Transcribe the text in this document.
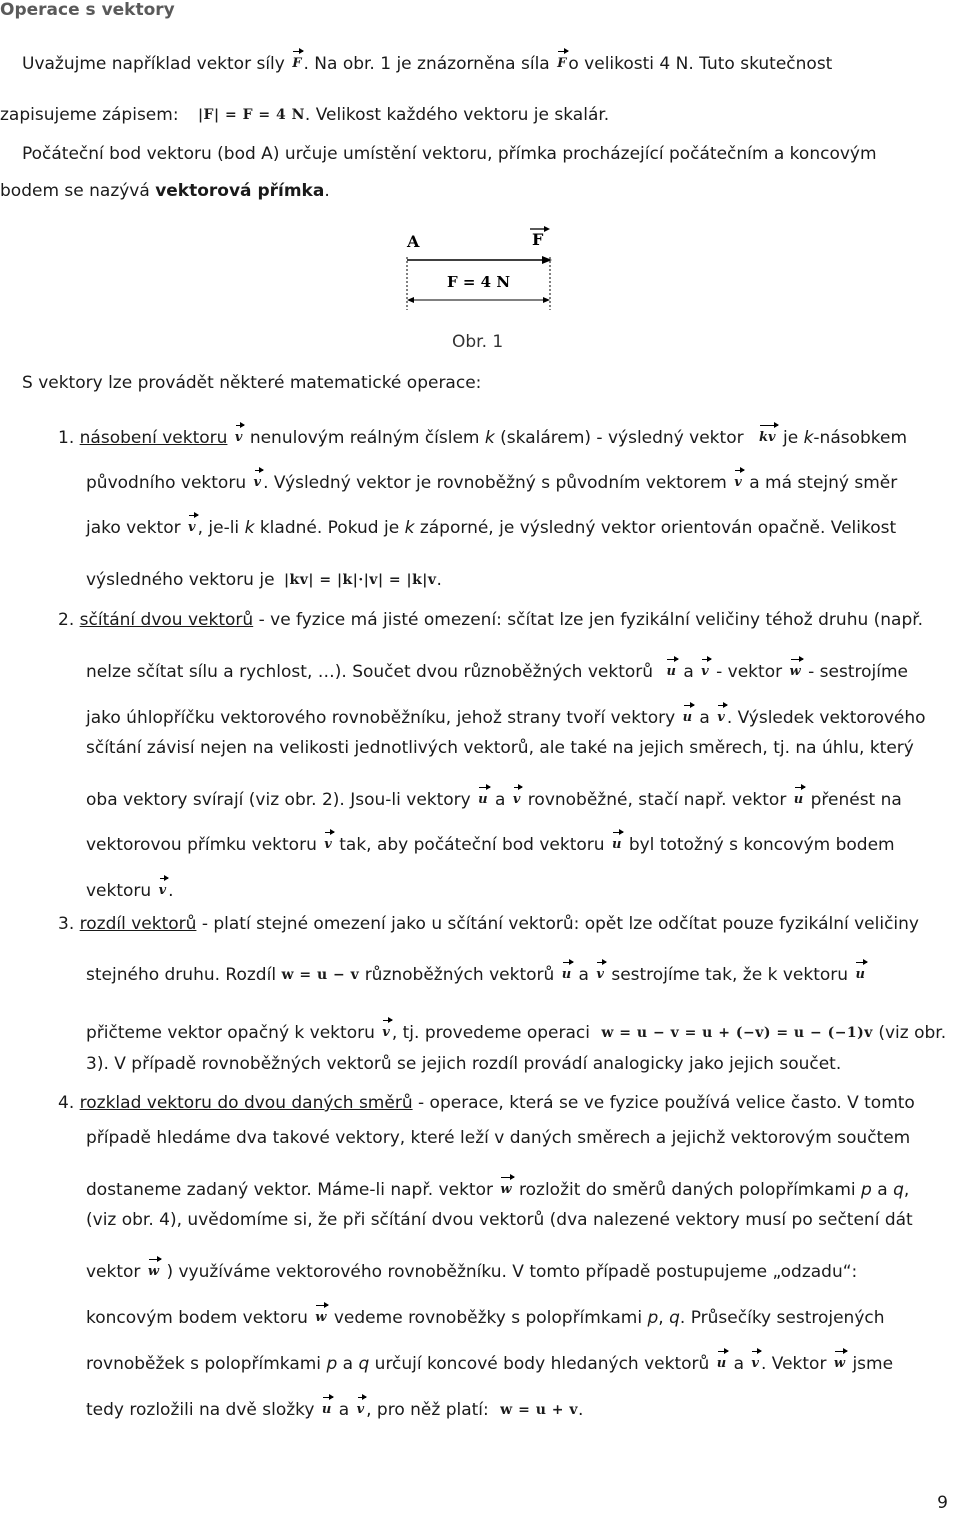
Operace s vektory
Uvažujme například vektor síly F . Na obr. 1 je znázorněna síla F o velikosti 4 N. Tuto skutečnost
zapisujeme zápisem: |F| = F = 4 N. Velikost každého vektoru je skalár.
Počáteční bod vektoru (bod A) určuje umístění vektoru, přímka procházející počátečním a koncovým
bodem se nazývá vektorová přímka.
A	F
F = 4 N
Obr. 1
S vektory lze provádět některé matematické operace:
1. násobení vektoru v nenulovým reálným číslem k (skalárem) - výsledný vektor kv je k-násobkem
původního vektoru v . Výsledný vektor je rovnoběžný s původním vektorem v a má stejný směr
jako vektor v , je-li k kladné. Pokud je k záporné, je výsledný vektor orientován opačně. Velikost
výsledného vektoru je |kv| = |k|·|v| = |k|v.
2. sčítání dvou vektorů - ve fyzice má jisté omezení: sčítat lze jen fyzikální veličiny téhož druhu (např.
nelze sčítat sílu a rychlost, …). Součet dvou různoběžných vektorů u a v - vektor w - sestrojíme
jako úhlopříčku vektorového rovnoběžníku, jehož strany tvoří vektory u a v . Výsledek vektorového
sčítání závisí nejen na velikosti jednotlivých vektorů, ale také na jejich směrech, tj. na úhlu, který
oba vektory svírají (viz obr. 2). Jsou-li vektory u a v rovnoběžné, stačí např. vektor u přenést na
vektorovou přímku vektoru v tak, aby počáteční bod vektoru u byl totožný s koncovým bodem
vektoru v .
3. rozdíl vektorů - platí stejné omezení jako u sčítání vektorů: opět lze odčítat pouze fyzikální veličiny
stejného druhu. Rozdíl w = u − v různoběžných vektorů u a v sestrojíme tak, že k vektoru u
přičteme vektor opačný k vektoru v , tj. provedeme operaci w = u − v = u + (−v) = u − (−1)v (viz obr.
3). V případě rovnoběžných vektorů se jejich rozdíl provádí analogicky jako jejich součet.
4. rozklad vektoru do dvou daných směrů - operace, která se ve fyzice používá velice často. V tomto
případě hledáme dva takové vektory, které leží v daných směrech a jejichž vektorovým součtem
dostaneme zadaný vektor. Máme-li např. vektor w rozložit do směrů daných polopřímkami p a q,
(viz obr. 4), uvědomíme si, že při sčítání dvou vektorů (dva nalezené vektory musí po sečtení dát
vektor w ) využíváme vektorového rovnoběžníku. V tomto případě postupujeme „odzadu“:
koncovým bodem vektoru w vedeme rovnoběžky s polopřímkami p, q. Průsečíky sestrojených
rovnoběžek s polopřímkami p a q určují koncové body hledaných vektorů u a v . Vektor w jsme
tedy rozložili na dvě složky u a v , pro něž platí: w = u + v.
9
